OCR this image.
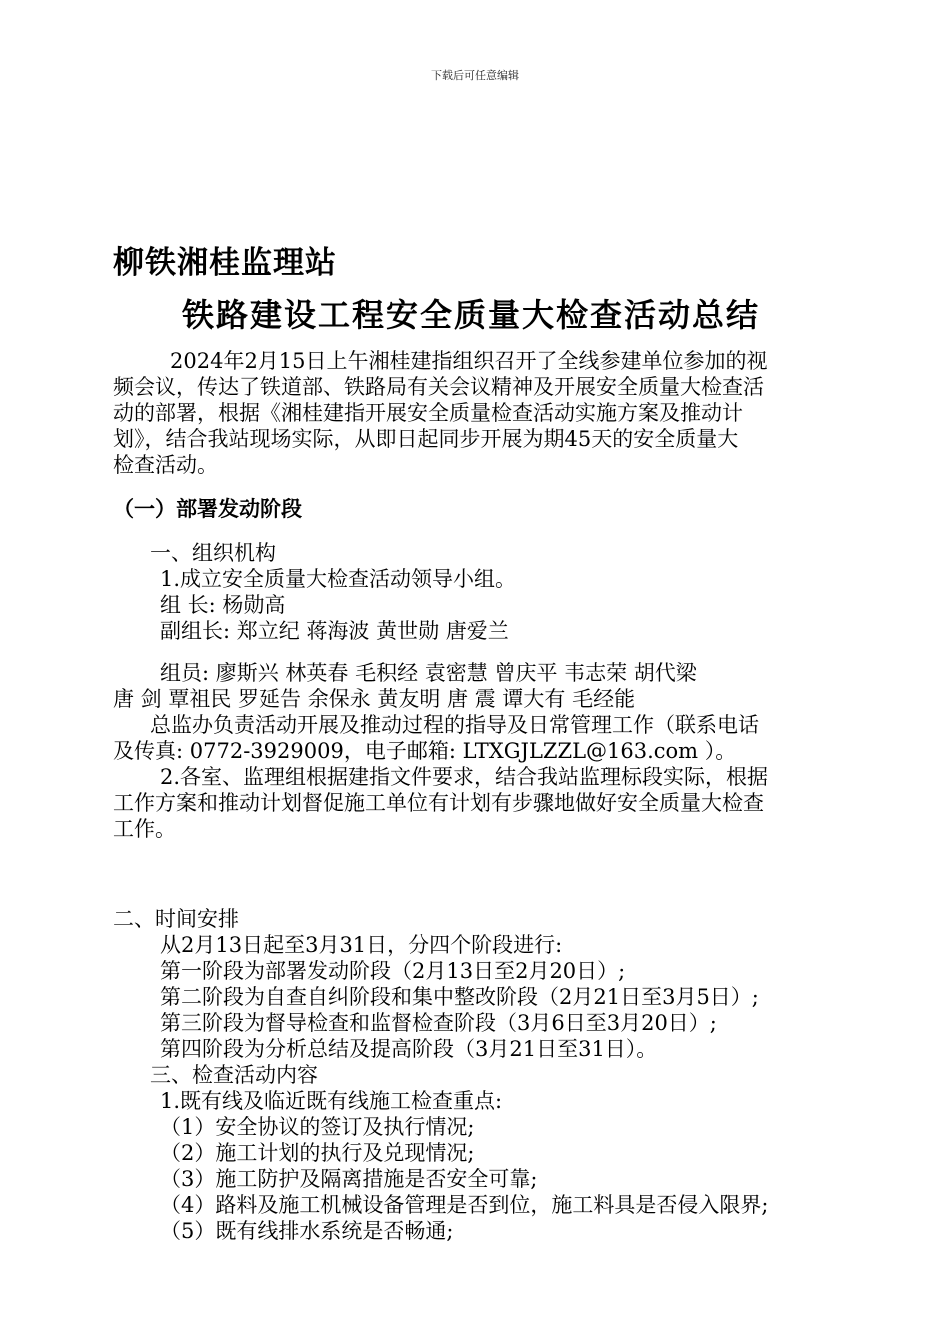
下载后可任意编辑
柳铁湘桂监理站
铁路建设工程安全质量大检查活动总结
2024年2月15日上午湘桂建指组织召开了全线参建单位参加的视
频会议，传达了铁道部、铁路局有关会议精神及开展安全质量大检查活
动的部署，根据《湘桂建指开展安全质量检查活动实施方案及推动计
划》，结合我站现场实际，从即日起同步开展为期45天的安全质量大
检查活动。
（一）部署发动阶段
一、组织机构
1.成立安全质量大检查活动领导小组。
组 长: 杨勋高
副组长: 郑立纪 蒋海波 黄世勋 唐爱兰
组员: 廖斯兴 林英春 毛积经 袁密慧 曾庆平 韦志荣 胡代梁
唐 剑 覃祖民 罗延告 余保永 黄友明 唐 震 谭大有 毛经能
总监办负责活动开展及推动过程的指导及日常管理工作（联系电话
及传真: 0772-3929009，电子邮箱: LTXGJLZZL@163.com ）。
2.各室、监理组根据建指文件要求，结合我站监理标段实际，根据
工作方案和推动计划督促施工单位有计划有步骤地做好安全质量大检查
工作。
二、时间安排
从2月13日起至3月31日，分四个阶段进行:
第一阶段为部署发动阶段（2月13日至2月20日）;
第二阶段为自查自纠阶段和集中整改阶段（2月21日至3月5日）;
第三阶段为督导检查和监督检查阶段（3月6日至3月20日）;
第四阶段为分析总结及提高阶段（3月21日至31日）。
三、检查活动内容
1.既有线及临近既有线施工检查重点:
（1）安全协议的签订及执行情况;
（2）施工计划的执行及兑现情况;
（3）施工防护及隔离措施是否安全可靠;
（4）路料及施工机械设备管理是否到位，施工料具是否侵入限界;
（5）既有线排水系统是否畅通;
